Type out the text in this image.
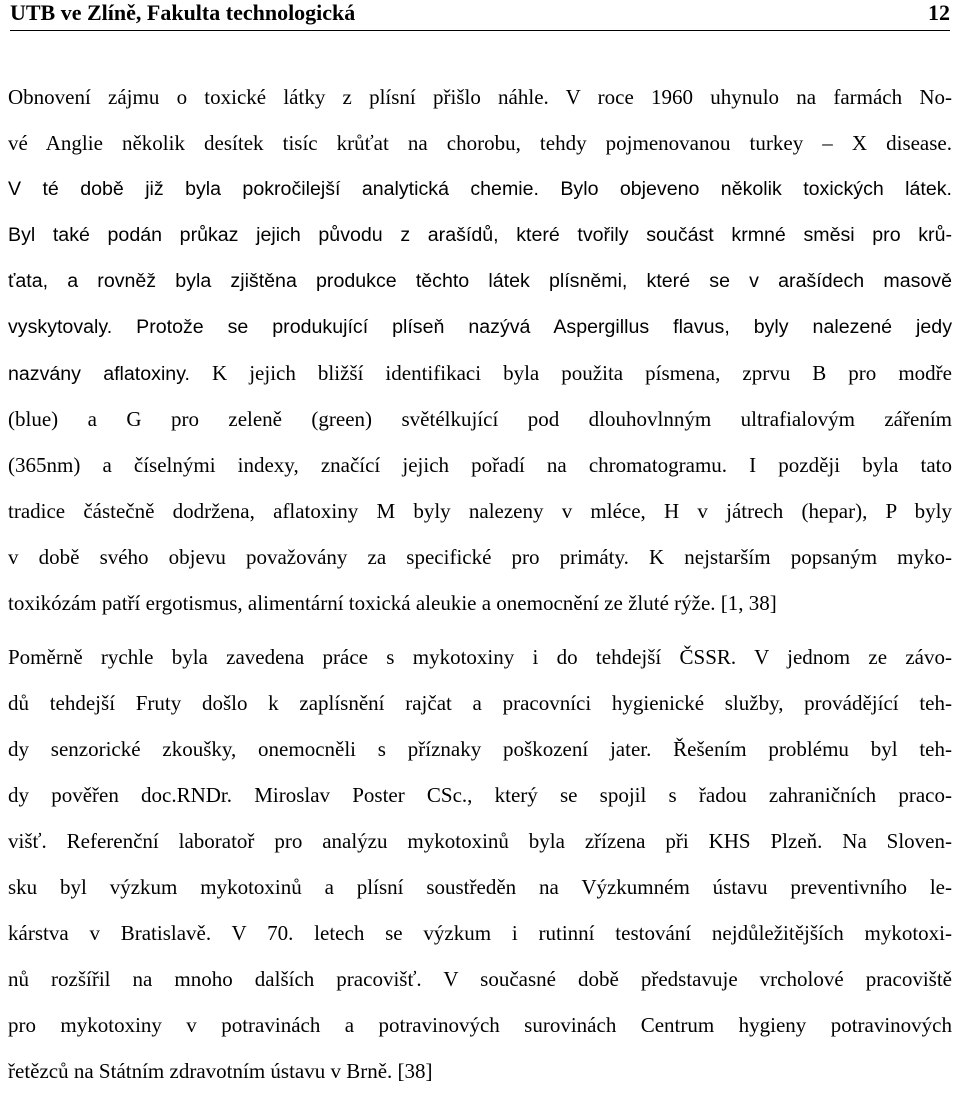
UTB ve Zlíně, Fakulta technologická	12
Obnovení zájmu o toxické látky z plísní přišlo náhle. V roce 1960 uhynulo na farmách No-
vé Anglie několik desítek tisíc krůťat na chorobu, tehdy pojmenovanou turkey – X disease.
V té době již byla pokročilejší analytická chemie. Bylo objeveno několik toxických látek.
Byl také podán průkaz jejich původu z arašídů, které tvořily součást krmné směsi pro krů-
ťata, a rovněž byla zjištěna produkce těchto látek plísněmi, které se v arašídech masově
vyskytovaly. Protože se produkující plíseň nazývá Aspergillus flavus, byly nalezené jedy
nazvány aflatoxiny. K jejich bližší identifikaci byla použita písmena, zprvu B pro modře
(blue) a G pro zeleně (green) světélkující pod dlouhovlnným ultrafialovým zářením
(365nm) a číselnými indexy, značící jejich pořadí na chromatogramu. I později byla tato
tradice částečně dodržena, aflatoxiny M byly nalezeny v mléce, H v játrech (hepar), P byly
v době svého objevu považovány za specifické pro primáty. K nejstarším popsaným myko-
toxikózám patří ergotismus, alimentární toxická aleukie a onemocnění ze žluté rýže. [1, 38]
Poměrně rychle byla zavedena práce s mykotoxiny i do tehdejší ČSSR. V jednom ze závo-
dů tehdejší Fruty došlo k zaplísnění rajčat a pracovníci hygienické služby, provádějící teh-
dy senzorické zkoušky, onemocněli s příznaky poškození jater. Řešením problému byl teh-
dy pověřen doc.RNDr. Miroslav Poster CSc., který se spojil s řadou zahraničních praco-
višť. Referenční laboratoř pro analýzu mykotoxinů byla zřízena při KHS Plzeň. Na Sloven-
sku byl výzkum mykotoxinů a plísní soustředěn na Výzkumném ústavu preventivního le-
kárstva v Bratislavě. V 70. letech se výzkum i rutinní testování nejdůležitějších mykotoxi-
nů rozšířil na mnoho dalších pracovišť. V současné době představuje vrcholové pracoviště
pro mykotoxiny v potravinách a potravinových surovinách Centrum hygieny potravinových
řetězců na Státním zdravotním ústavu v Brně. [38]
